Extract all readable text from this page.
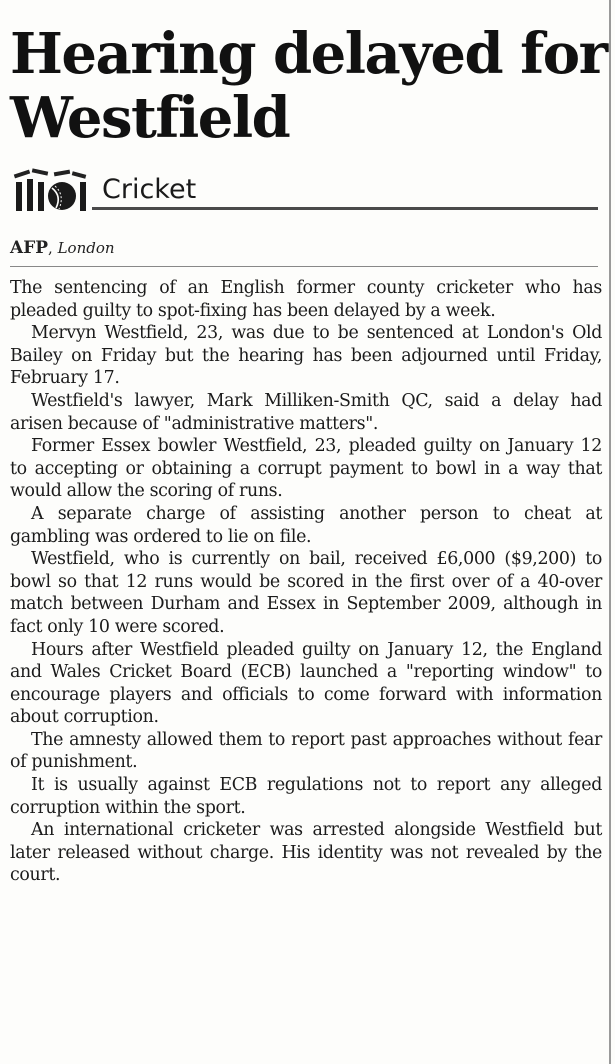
Hearing delayed for Westfield
Cricket
AFP, London

The sentencing of an English former county cricketer who has pleaded guilty to spot-fixing has been delayed by a week.

Mervyn Westfield, 23, was due to be sentenced at London's Old Bailey on Friday but the hearing has been adjourned until Friday, February 17.

Westfield's lawyer, Mark Milliken-Smith QC, said a delay had arisen because of "administrative matters".

Former Essex bowler Westfield, 23, pleaded guilty on January 12 to accepting or obtaining a corrupt payment to bowl in a way that would allow the scoring of runs.

A separate charge of assisting another person to cheat at gambling was ordered to lie on file.

Westfield, who is currently on bail, received £6,000 ($9,200) to bowl so that 12 runs would be scored in the first over of a 40-over match between Durham and Essex in September 2009, although in fact only 10 were scored.

Hours after Westfield pleaded guilty on January 12, the England and Wales Cricket Board (ECB) launched a "reporting window" to encourage players and officials to come forward with information about corruption.

The amnesty allowed them to report past approaches without fear of punishment.

It is usually against ECB regulations not to report any alleged corruption within the sport.

An international cricketer was arrested alongside Westfield but later released without charge. His identity was not revealed by the court.
